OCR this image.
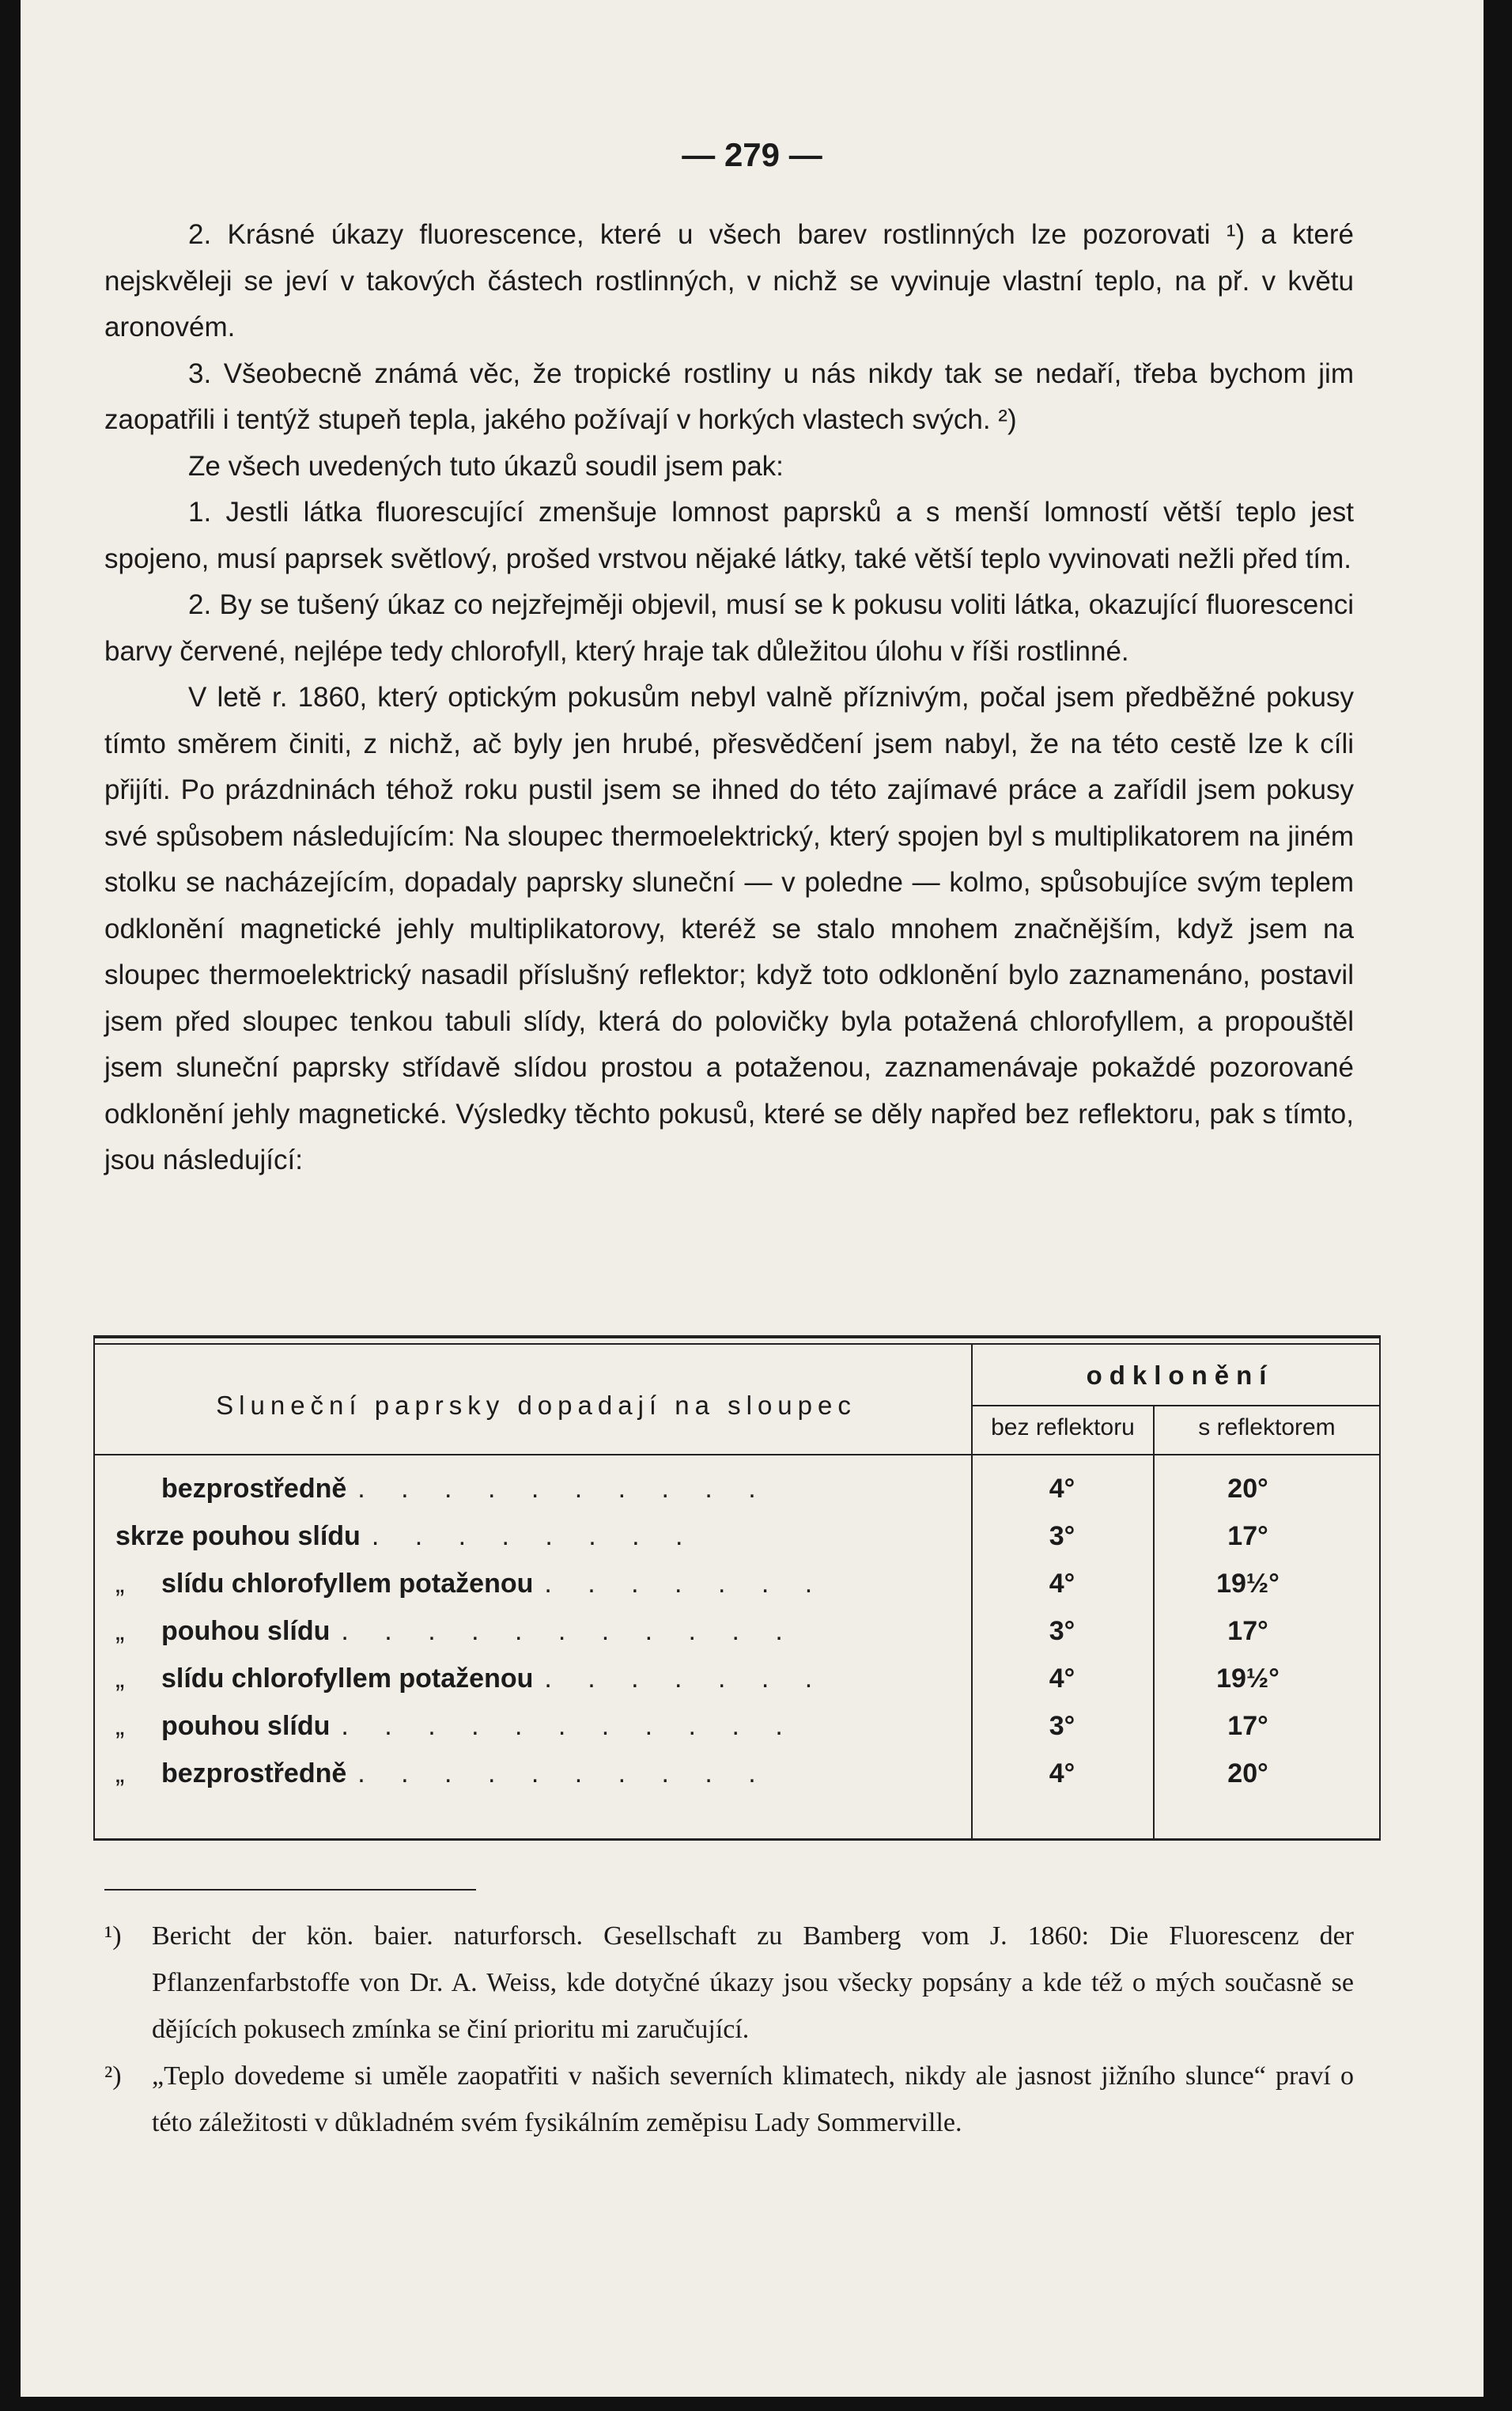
— 279 —

2. Krásné úkazy fluorescence, které u všech barev rostlinných lze pozorovati ¹) a které nejskvěleji se jeví v takových částech rostlinných, v nichž se vyvinuje vlastní teplo, na př. v květu aronovém.

3. Všeobecně známá věc, že tropické rostliny u nás nikdy tak se nedaří, třeba bychom jim zaopatřili i tentýž stupeň tepla, jakého požívají v horkých vlastech svých. ²)

Ze všech uvedených tuto úkazů soudil jsem pak:

1. Jestli látka fluorescující zmenšuje lomnost paprsků a s menší lomností větší teplo jest spojeno, musí paprsek světlový, prošed vrstvou nějaké látky, také větší teplo vyvinovati nežli před tím.

2. By se tušený úkaz co nejzřejměji objevil, musí se k pokusu voliti látka, okazující fluorescenci barvy červené, nejlépe tedy chlorofyll, který hraje tak důležitou úlohu v říši rostlinné.

V letě r. 1860, který optickým pokusům nebyl valně příznivým, počal jsem předběžné pokusy tímto směrem činiti, z nichž, ač byly jen hrubé, přesvědčení jsem nabyl, že na této cestě lze k cíli přijíti. Po prázdninách téhož roku pustil jsem se ihned do této zajímavé práce a zařídil jsem pokusy své spůsobem následujícím: Na sloupec thermoelektrický, který spojen byl s multiplikatorem na jiném stolku se nacházejícím, dopadaly paprsky sluneční — v poledne — kolmo, spůsobujíce svým teplem odklonění magnetické jehly multiplikatorovy, kteréž se stalo mnohem značnějším, když jsem na sloupec thermoelektrický nasadil příslušný reflektor; když toto odklonění bylo zaznamenáno, postavil jsem před sloupec tenkou tabuli slídy, která do polovičky byla potažená chlorofyllem, a propouštěl jsem sluneční paprsky střídavě slídou prostou a potaženou, zaznamenávaje pokaždé pozorované odklonění jehly magnetické. Výsledky těchto pokusů, které se děly napřed bez reflektoru, pak s tímto, jsou následující:

Sluneční paprsky dopadají na sloupec
odklonění
bez reflektoru	s reflektorem
bezprostředně . . . . . . . . . .	4°	20°
skrze pouhou slídu . . . . . . . .	3°	17°
„ slídu chlorofyllem potaženou . . . . . . .	4°	19½°
„ pouhou slídu . . . . . . . . . . .	3°	17°
„ slídu chlorofyllem potaženou . . . . . . .	4°	19½°
„ pouhou slídu . . . . . . . . . . .	3°	17°
„ bezprostředně . . . . . . . . . .	4°	20°

¹) Bericht der kön. baier. naturforsch. Gesellschaft zu Bamberg vom J. 1860: Die Fluorescenz der Pflanzenfarbstoffe von Dr. A. Weiss, kde dotyčné úkazy jsou všecky popsány a kde též o mých současně se dějících pokusech zmínka se činí prioritu mi zaručující.

²) „Teplo dovedeme si uměle zaopatřiti v našich severních klimatech, nikdy ale jasnost jižního slunce“ praví o této záležitosti v důkladném svém fysikálním zeměpisu Lady Sommerville.
